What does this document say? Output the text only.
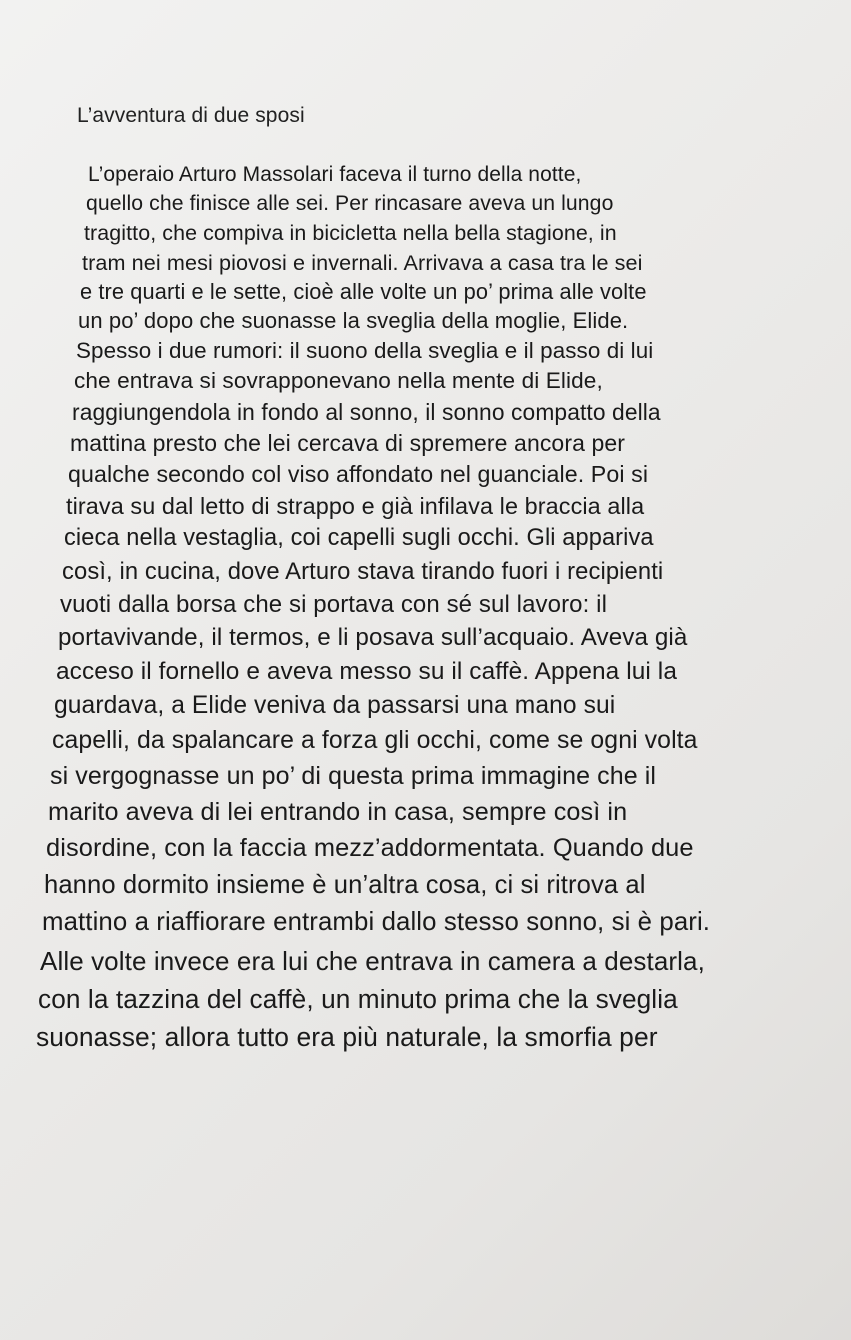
L’avventura di due sposi
L’operaio Arturo Massolari faceva il turno della notte,
quello che finisce alle sei. Per rincasare aveva un lungo
tragitto, che compiva in bicicletta nella bella stagione, in
tram nei mesi piovosi e invernali. Arrivava a casa tra le sei
e tre quarti e le sette, cioè alle volte un po’ prima alle volte
un po’ dopo che suonasse la sveglia della moglie, Elide.
Spesso i due rumori: il suono della sveglia e il passo di lui
che entrava si sovrapponevano nella mente di Elide,
raggiungendola in fondo al sonno, il sonno compatto della
mattina presto che lei cercava di spremere ancora per
qualche secondo col viso affondato nel guanciale. Poi si
tirava su dal letto di strappo e già infilava le braccia alla
cieca nella vestaglia, coi capelli sugli occhi. Gli appariva
così, in cucina, dove Arturo stava tirando fuori i recipienti
vuoti dalla borsa che si portava con sé sul lavoro: il
portavivande, il termos, e li posava sull’acquaio. Aveva già
acceso il fornello e aveva messo su il caffè. Appena lui la
guardava, a Elide veniva da passarsi una mano sui
capelli, da spalancare a forza gli occhi, come se ogni volta
si vergognasse un po’ di questa prima immagine che il
marito aveva di lei entrando in casa, sempre così in
disordine, con la faccia mezz’addormentata. Quando due
hanno dormito insieme è un’altra cosa, ci si ritrova al
mattino a riaffiorare entrambi dallo stesso sonno, si è pari.
Alle volte invece era lui che entrava in camera a destarla,
con la tazzina del caffè, un minuto prima che la sveglia
suonasse; allora tutto era più naturale, la smorfia per
